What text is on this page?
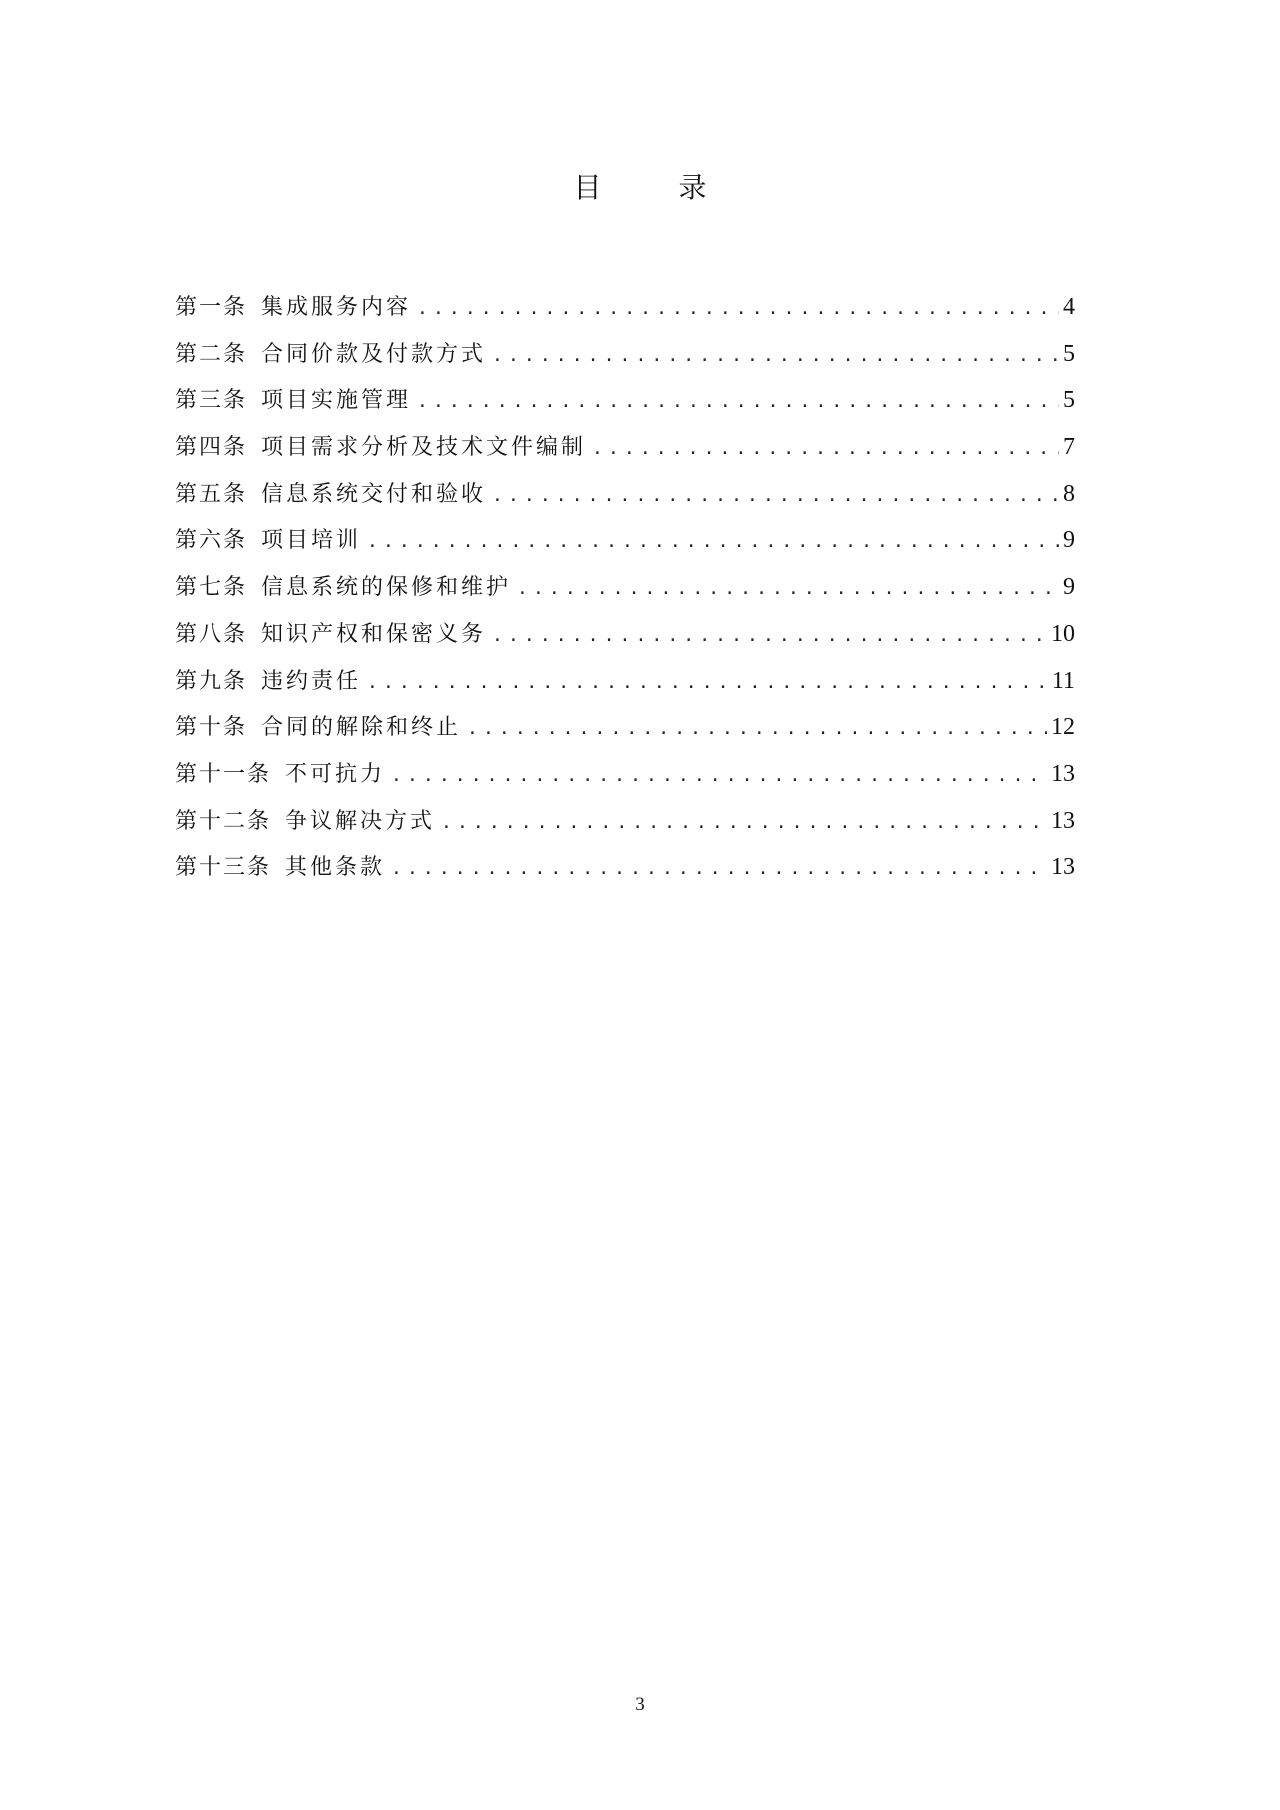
目 录
第一条 集成服务内容 .....	4
第二条 合同价款及付款方式 .....	5
第三条 项目实施管理 .....	5
第四条 项目需求分析及技术文件编制 .....	7
第五条 信息系统交付和验收 .....	8
第六条 项目培训 .....	9
第七条 信息系统的保修和维护 .....	9
第八条 知识产权和保密义务 .....	10
第九条 违约责任 .....	11
第十条 合同的解除和终止 .....	12
第十一条 不可抗力 .....	13
第十二条 争议解决方式 .....	13
第十三条 其他条款 .....	13
3
